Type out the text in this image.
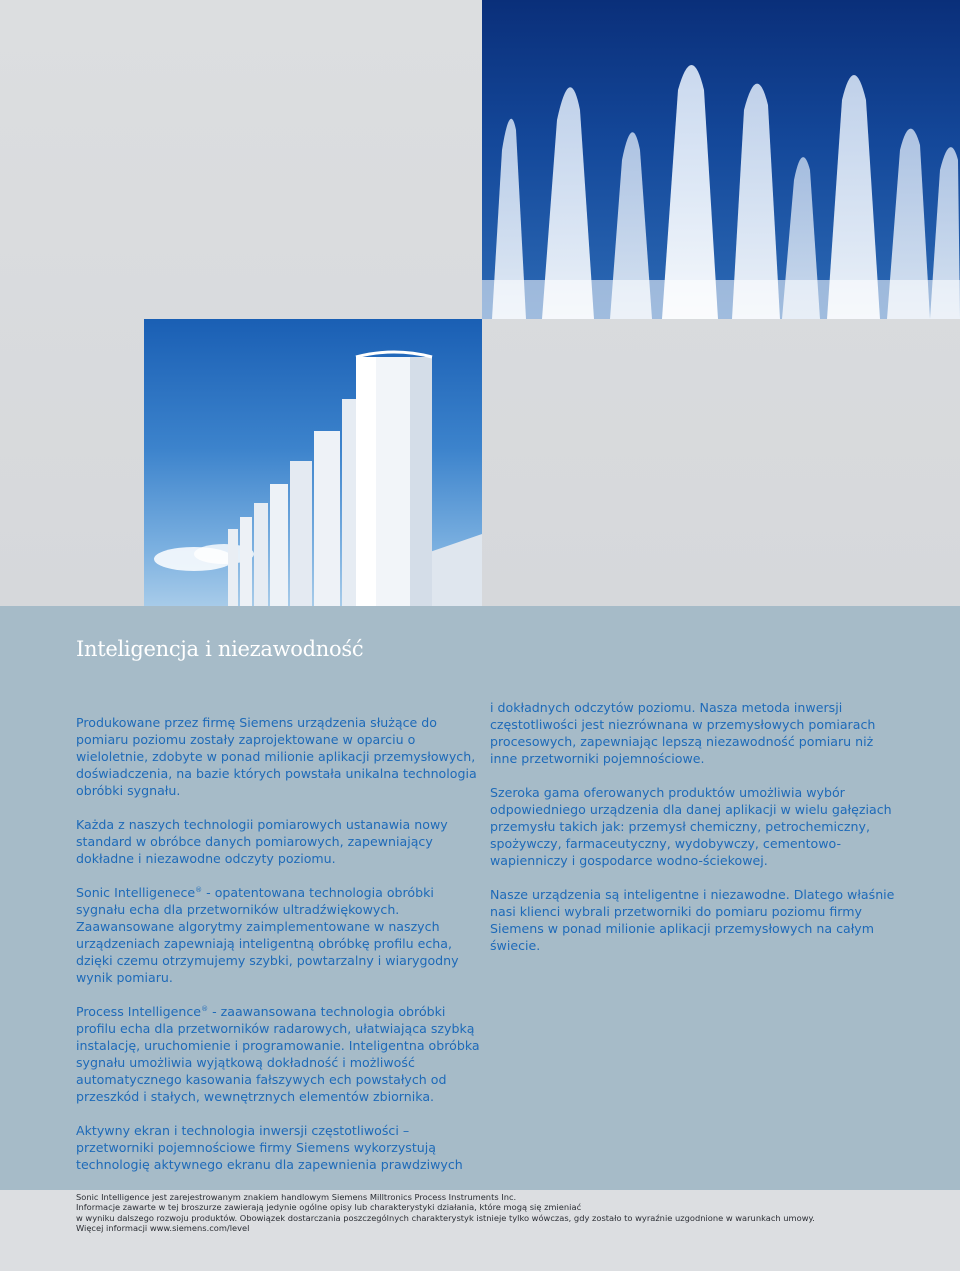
Inteligencja i niezawodność

Produkowane przez firmę Siemens urządzenia służące do pomiaru poziomu zostały zaprojektowane w oparciu o wieloletnie, zdobyte w ponad milionie aplikacji przemysłowych, doświadczenia, na bazie których powstała unikalna technologia obróbki sygnału.

Każda z naszych technologii pomiarowych ustanawia nowy standard w obróbce danych pomiarowych, zapewniający dokładne i niezawodne odczyty poziomu.

Sonic Intelligenece® - opatentowana technologia obróbki sygnału echa dla przetworników ultradźwiękowych. Zaawansowane algorytmy zaimplementowane w naszych urządzeniach zapewniają inteligentną obróbkę profilu echa, dzięki czemu otrzymujemy szybki, powtarzalny i wiarygodny wynik pomiaru.

Process Intelligence® - zaawansowana technologia obróbki profilu echa dla przetworników radarowych, ułatwiająca szybką instalację, uruchomienie i programowanie. Inteligentna obróbka sygnału umożliwia wyjątkową dokładność i możliwość automatycznego kasowania fałszywych ech powstałych od przeszkód i stałych, wewnętrznych elementów zbiornika.

Aktywny ekran i technologia inwersji częstotliwości – przetworniki pojemnościowe firmy Siemens wykorzystują technologię aktywnego ekranu dla zapewnienia prawdziwych

i dokładnych odczytów poziomu. Nasza metoda inwersji częstotliwości jest niezrównana w przemysłowych pomiarach procesowych, zapewniając lepszą niezawodność pomiaru niż inne przetworniki pojemnościowe.

Szeroka gama oferowanych produktów umożliwia wybór odpowiedniego urządzenia dla danej aplikacji w wielu gałęziach przemysłu takich jak: przemysł chemiczny, petrochemiczny, spożywczy, farmaceutyczny, wydobywczy, cementowo-wapienniczy i gospodarce wodno-ściekowej.

Nasze urządzenia są inteligentne i niezawodne. Dlatego właśnie nasi klienci wybrali przetworniki do pomiaru poziomu firmy Siemens w ponad milionie aplikacji przemysłowych na całym świecie.

Sonic Intelligence jest zarejestrowanym znakiem handlowym Siemens Milltronics Process Instruments Inc.
Informacje zawarte w tej broszurze zawierają jedynie ogólne opisy lub charakterystyki działania, które mogą się zmieniać
w wyniku dalszego rozwoju produktów. Obowiązek dostarczania poszczególnych charakterystyk istnieje tylko wówczas, gdy zostało to wyraźnie uzgodnione w warunkach umowy.
Więcej informacji www.siemens.com/level
